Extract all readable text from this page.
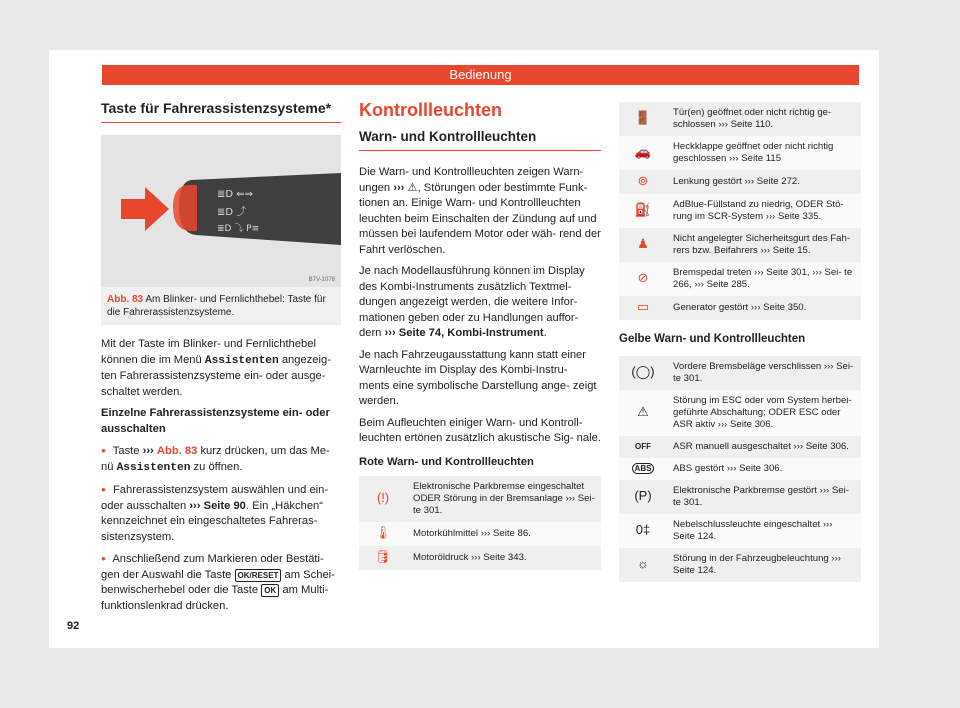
Bedienung
Taste für Fahrerassistenzsysteme*
≣D ⇐⇒
≣D ⤴
≣D ⤵ P≡
B7V-1078
Abb. 83 Am Blinker- und Fernlichthebel: Taste für die Fahrerassistenzsysteme.

Mit der Taste im Blinker- und Fernlichthebel können die im Menü Assistenten angezeig- ten Fahrerassistenzsysteme ein- oder ausge- schaltet werden.

Einzelne Fahrerassistenzsysteme ein- oder ausschalten

● Taste ››› Abb. 83 kurz drücken, um das Me- nü Assistenten zu öffnen.

● Fahrerassistenzsystem auswählen und ein- oder ausschalten ››› Seite 90. Ein „Häkchen“ kennzeichnet ein eingeschaltetes Fahreras- sistenzsystem.

● Anschließend zum Markieren oder Bestäti- gen der Auswahl die Taste OK/RESET am Schei- benwischerhebel oder die Taste OK am Multi- funktionslenkrad drücken.

Kontrollleuchten
Warn- und Kontrollleuchten

Die Warn- und Kontrollleuchten zeigen Warn- ungen ››› ⚠, Störungen oder bestimmte Funk- tionen an. Einige Warn- und Kontrollleuchten leuchten beim Einschalten der Zündung auf und müssen bei laufendem Motor oder wäh- rend der Fahrt verlöschen.

Je nach Modellausführung können im Display des Kombi-Instruments zusätzlich Textmel- dungen angezeigt werden, die weitere Infor- mationen geben oder zu Handlungen auffor- dern ››› Seite 74, Kombi-Instrument.

Je nach Fahrzeugausstattung kann statt einer Warnleuchte im Display des Kombi-Instru- ments eine symbolische Darstellung ange- zeigt werden.

Beim Aufleuchten einiger Warn- und Kontroll- leuchten ertönen zusätzlich akustische Sig- nale.

Rote Warn- und Kontrollleuchten

(!)	Elektronische Parkbremse eingeschaltet ODER Störung in der Bremsanlage ››› Sei- te 301.
🌡	Motorkühlmittel ››› Seite 86.
🛢	Motoröldruck ››› Seite 343.
🚪	Tür(en) geöffnet oder nicht richtig ge- schlossen ››› Seite 110.
🚗	Heckklappe geöffnet oder nicht richtig geschlossen ››› Seite 115
⊚	Lenkung gestört ››› Seite 272.
⛽	AdBlue-Füllstand zu niedrig, ODER Stö- rung im SCR-System ››› Seite 335.
♟	Nicht angelegter Sicherheitsgurt des Fah- rers bzw. Beifahrers ››› Seite 15.
⊘	Bremspedal treten ››› Seite 301, ››› Sei- te 266, ››› Seite 285.
▭	Generator gestört ››› Seite 350.

Gelbe Warn- und Kontrollleuchten

(◯)	Vordere Bremsbeläge verschlissen ››› Sei- te 301.
⚠	Störung im ESC oder vom System herbei- geführte Abschaltung; ODER ESC oder ASR aktiv ››› Seite 306.
OFF	ASR manuell ausgeschaltet ››› Seite 306.
ABS	ABS gestört ››› Seite 306.
(P)	Elektronische Parkbremse gestört ››› Sei- te 301.
0‡	Nebelschlussleuchte eingeschaltet ››› Seite 124.
☼	Störung in der Fahrzeugbeleuchtung ››› Seite 124.
92
